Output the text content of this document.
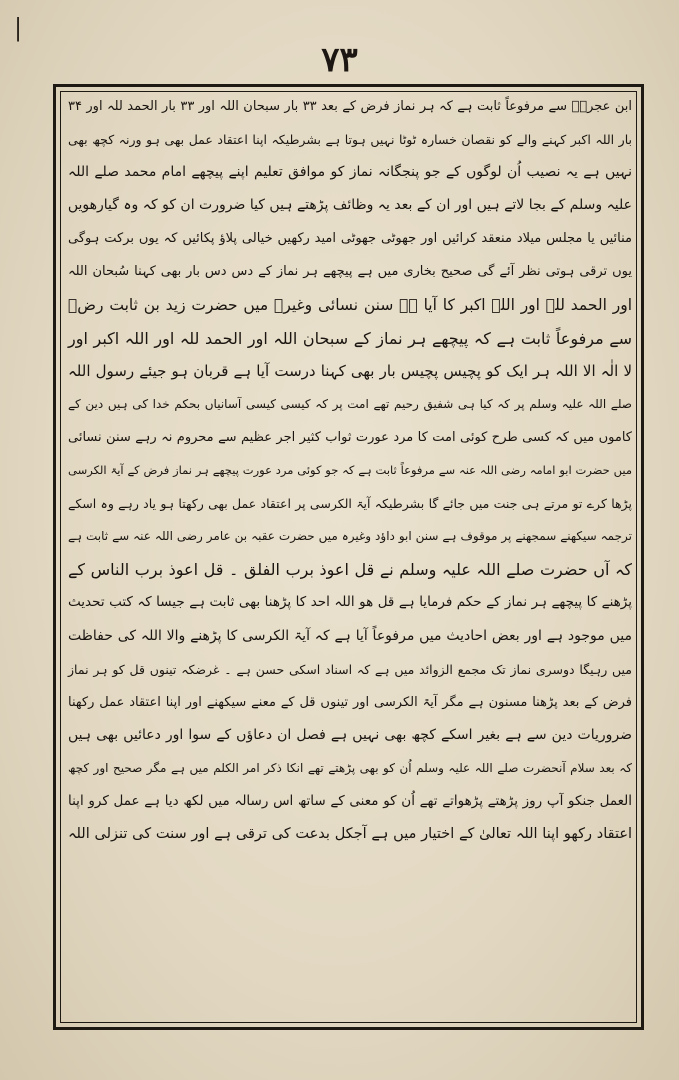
|
۷۳
ابن عجرہؓ سے مرفوعاً ثابت ہے کہ ہر نماز فرض کے بعد ۳۳ بار سبحان اللہ اور ۳۳ بار الحمد للہ اور ۳۴
بار اللہ اکبر کہنے والے کو نقصان خسارہ ٹوٹا نہیں ہوتا ہے بشرطیکہ اپنا اعتقاد عمل بھی ہو ورنہ کچھ بھی
نہیں ہے یہ نصیب اُن لوگوں کے جو پنجگانہ نماز کو موافق تعلیم اپنے پیچھے امام محمد صلے اللہ
علیہ وسلم کے بجا لاتے ہیں اور ان کے بعد یہ وظائف پڑھتے ہیں کیا ضرورت ان کو کہ وہ گیارھویں
منائیں یا مجلس میلاد منعقد کرائیں اور جھوٹی جھوٹی امید رکھیں خیالی پلاؤ پکائیں کہ یوں برکت ہوگی
یوں ترقی ہوتی نظر آئے گی صحیح بخاری میں ہے پیچھے ہر نماز کے دس دس بار بھی کہنا سُبحان اللہ
اور الحمد للہ اور اللہ اکبر کا آیا ہے سنن نسائی وغیرہ میں حضرت زید بن ثابت رضؓ
سے مرفوعاً ثابت ہے کہ پیچھے ہر نماز کے سبحان اللہ اور الحمد للہ اور اللہ اکبر اور
لا الٰہ الا اللہ ہر ایک کو پچیس پچیس بار بھی کہنا درست آیا ہے قربان ہو جیئے رسول اللہ
صلے اللہ علیہ وسلم پر کہ کیا ہی شفیق رحیم تھے امت پر کہ کیسی کیسی آسانیاں بحکم خدا کی ہیں دین کے
کاموں میں کہ کسی طرح کوئی امت کا مرد عورت ثواب کثیر اجر عظیم سے محروم نہ رہے سنن نسائی
میں حضرت ابو امامہ رضی اللہ عنہ سے مرفوعاً ثابت ہے کہ جو کوئی مرد عورت پیچھے ہر نماز فرض کے آیۃ الکرسی
پڑھا کرے تو مرتے ہی جنت میں جائے گا بشرطیکہ آیۃ الکرسی پر اعتقاد عمل بھی رکھتا ہو یاد رہے وہ اسکے
ترجمہ سیکھنے سمجھنے پر موقوف ہے سنن ابو داؤد وغیرہ میں حضرت عقبہ بن عامر رضی اللہ عنہ سے ثابت ہے
کہ آں حضرت صلے اللہ علیہ وسلم نے قل اعوذ برب الفلق ۔ قل اعوذ برب الناس کے
پڑھنے کا پیچھے ہر نماز کے حکم فرمایا ہے قل ھو اللہ احد کا پڑھنا بھی ثابت ہے جیسا کہ کتب تحدیث
میں موجود ہے اور بعض احادیث میں مرفوعاً آیا ہے کہ آیۃ الکرسی کا پڑھنے والا اللہ کی حفاظت
میں رہیگا دوسری نماز تک مجمع الزوائد میں ہے کہ اسناد اسکی حسن ہے ۔ غرضکہ تینوں قل کو ہر نماز
فرض کے بعد پڑھنا مسنون ہے مگر آیۃ الکرسی اور تینوں قل کے معنے سیکھنے اور اپنا اعتقاد عمل رکھنا
ضروریات دین سے ہے بغیر اسکے کچھ بھی نہیں ہے فصل ان دعاؤں کے سوا اور دعائیں بھی ہیں
کہ بعد سلام آنحضرت صلے اللہ علیہ وسلم اُن کو بھی پڑھتے تھے انکا ذکر امر الکلم میں ہے مگر صحیح اور کچھ
العمل جنکو آپ روز پڑھتے پڑھواتے تھے اُن کو معنی کے ساتھ اس رسالہ میں لکھ دیا ہے عمل کرو اپنا
اعتقاد رکھو اپنا اللہ تعالیٰ کے اختیار میں ہے آجکل بدعت کی ترقی ہے اور سنت کی تنزلی اللہ
